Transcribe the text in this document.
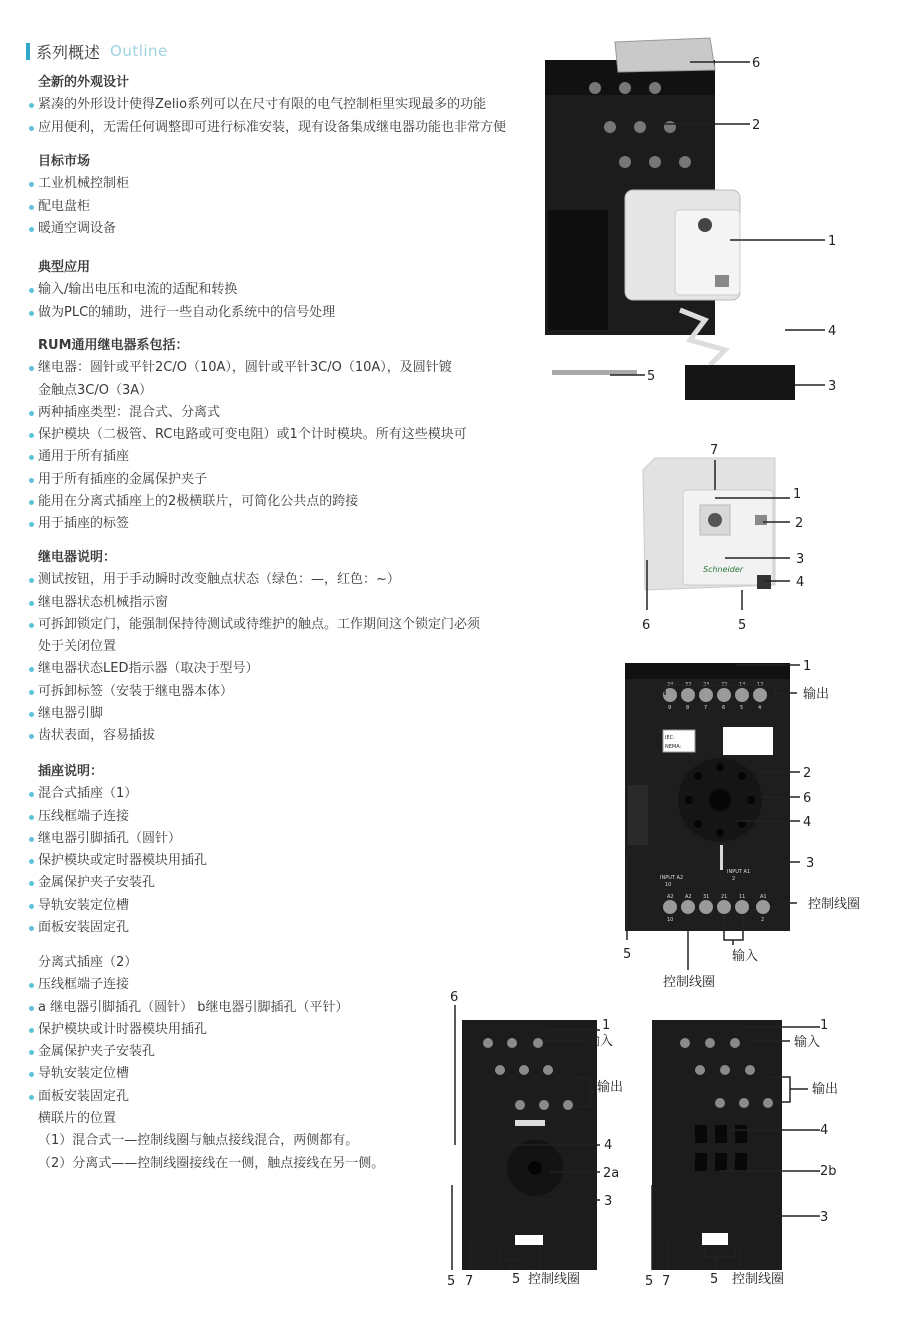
系列概述 Outline
全新的外观设计
紧凑的外形设计使得Zelio系列可以在尺寸有限的电气控制柜里实现最多的功能
应用便利，无需任何调整即可进行标准安装，现有设备集成继电器功能也非常方便
目标市场
工业机械控制柜
配电盘柜
暖通空调设备
典型应用
输入/输出电压和电流的适配和转换
做为PLC的辅助，进行一些自动化系统中的信号处理
RUM通用继电器系包括：
继电器：圆针或平针2C/O（10A），圆针或平针3C/O（10A），及圆针镀
金触点3C/O（3A）
两种插座类型：混合式、分离式
保护模块（二极管、RC电路或可变电阻）或1个计时模块。所有这些模块可
通用于所有插座
用于所有插座的金属保护夹子
能用在分离式插座上的2极横联片，可简化公共点的跨接
用于插座的标签
继电器说明：
测试按钮，用于手动瞬时改变触点状态（绿色：—，红色：~）
继电器状态机械指示窗
可拆卸锁定门，能强制保持待测试或待维护的触点。工作期间这个锁定门必须
处于关闭位置
继电器状态LED指示器（取决于型号）
可拆卸标签（安装于继电器本体）
继电器引脚
齿状表面，容易插拔
插座说明：
混合式插座（1）
压线框端子连接
继电器引脚插孔（圆针）
保护模块或定时器模块用插孔
金属保护夹子安装孔
导轨安装定位槽
面板安装固定孔
分离式插座（2）
压线框端子连接
a 继电器引脚插孔（圆针） b继电器引脚插孔（平针）
保护模块或计时器模块用插孔
金属保护夹子安装孔
导轨安装定位槽
面板安装固定孔
横联片的位置
（1）混合式一—控制线圈与触点接线混合，两侧都有。
（2）分离式——控制线圈接线在一侧，触点接线在另一侧。
6
2
1
4
5
3
Schneider
7
1
2
3
4
6	5
24 32 24 22 14 12
9	8	7	6	5	4
IEC:
NEMA:
INPUT A2
10
INPUT A1
2
A2 A2 31 21 11	A1
10	2
1
输出
2
6
4
3
控制线圈
5	输入
控制线圈
6
1
输入
输出
4
2a
3
5 7	5 控制线圈
1
输入
输出
4
2b
3
5 7	5 控制线圈
